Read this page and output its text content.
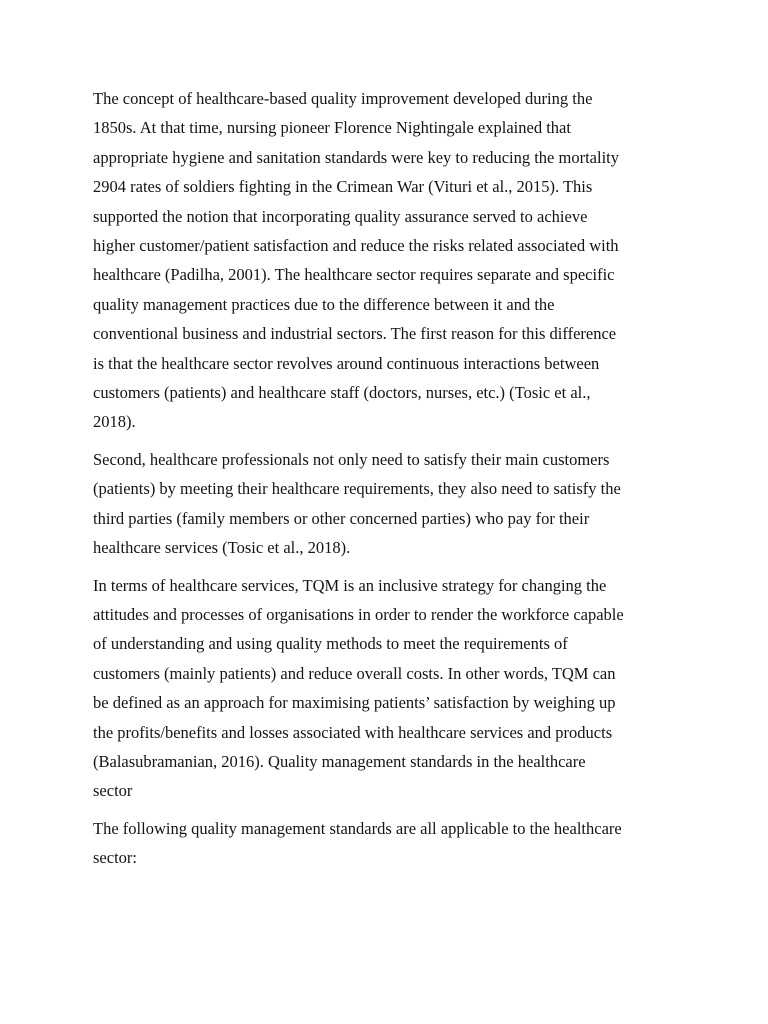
The concept of healthcare-based quality improvement developed during the
1850s. At that time, nursing pioneer Florence Nightingale explained that
appropriate hygiene and sanitation standards were key to reducing the mortality
2904 rates of soldiers fighting in the Crimean War (Vituri et al., 2015). This
supported the notion that incorporating quality assurance served to achieve
higher customer/patient satisfaction and reduce the risks related associated with
healthcare (Padilha, 2001). The healthcare sector requires separate and specific
quality management practices due to the difference between it and the
conventional business and industrial sectors. The first reason for this difference
is that the healthcare sector revolves around continuous interactions between
customers (patients) and healthcare staff (doctors, nurses, etc.) (Tosic et al.,
2018).

Second, healthcare professionals not only need to satisfy their main customers
(patients) by meeting their healthcare requirements, they also need to satisfy the
third parties (family members or other concerned parties) who pay for their
healthcare services (Tosic et al., 2018).

In terms of healthcare services, TQM is an inclusive strategy for changing the
attitudes and processes of organisations in order to render the workforce capable
of understanding and using quality methods to meet the requirements of
customers (mainly patients) and reduce overall costs. In other words, TQM can
be defined as an approach for maximising patients’ satisfaction by weighing up
the profits/benefits and losses associated with healthcare services and products
(Balasubramanian, 2016). Quality management standards in the healthcare
sector

The following quality management standards are all applicable to the healthcare
sector:
